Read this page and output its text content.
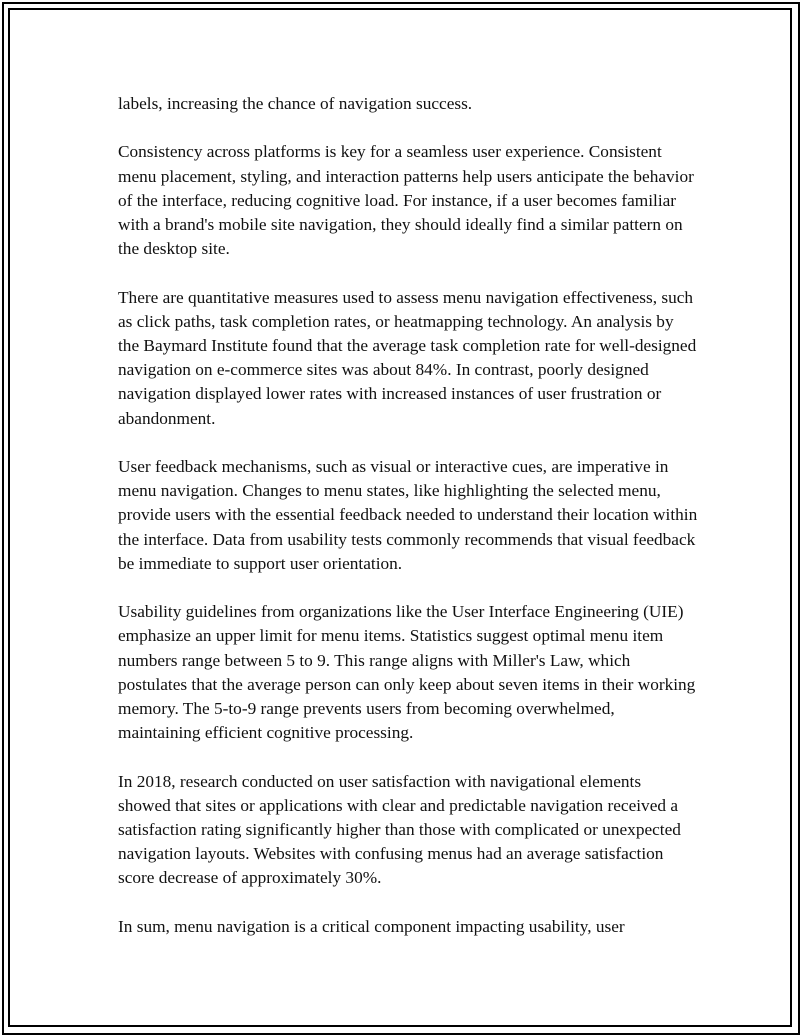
labels, increasing the chance of navigation success.

Consistency across platforms is key for a seamless user experience. Consistent menu placement, styling, and interaction patterns help users anticipate the behavior of the interface, reducing cognitive load. For instance, if a user becomes familiar with a brand's mobile site navigation, they should ideally find a similar pattern on the desktop site.

There are quantitative measures used to assess menu navigation effectiveness, such as click paths, task completion rates, or heatmapping technology. An analysis by the Baymard Institute found that the average task completion rate for well-designed navigation on e-commerce sites was about 84%. In contrast, poorly designed navigation displayed lower rates with increased instances of user frustration or abandonment.

User feedback mechanisms, such as visual or interactive cues, are imperative in menu navigation. Changes to menu states, like highlighting the selected menu, provide users with the essential feedback needed to understand their location within the interface. Data from usability tests commonly recommends that visual feedback be immediate to support user orientation.

Usability guidelines from organizations like the User Interface Engineering (UIE) emphasize an upper limit for menu items. Statistics suggest optimal menu item numbers range between 5 to 9. This range aligns with Miller's Law, which postulates that the average person can only keep about seven items in their working memory. The 5-to-9 range prevents users from becoming overwhelmed, maintaining efficient cognitive processing.

In 2018, research conducted on user satisfaction with navigational elements showed that sites or applications with clear and predictable navigation received a satisfaction rating significantly higher than those with complicated or unexpected navigation layouts. Websites with confusing menus had an average satisfaction score decrease of approximately 30%.

In sum, menu navigation is a critical component impacting usability, user
